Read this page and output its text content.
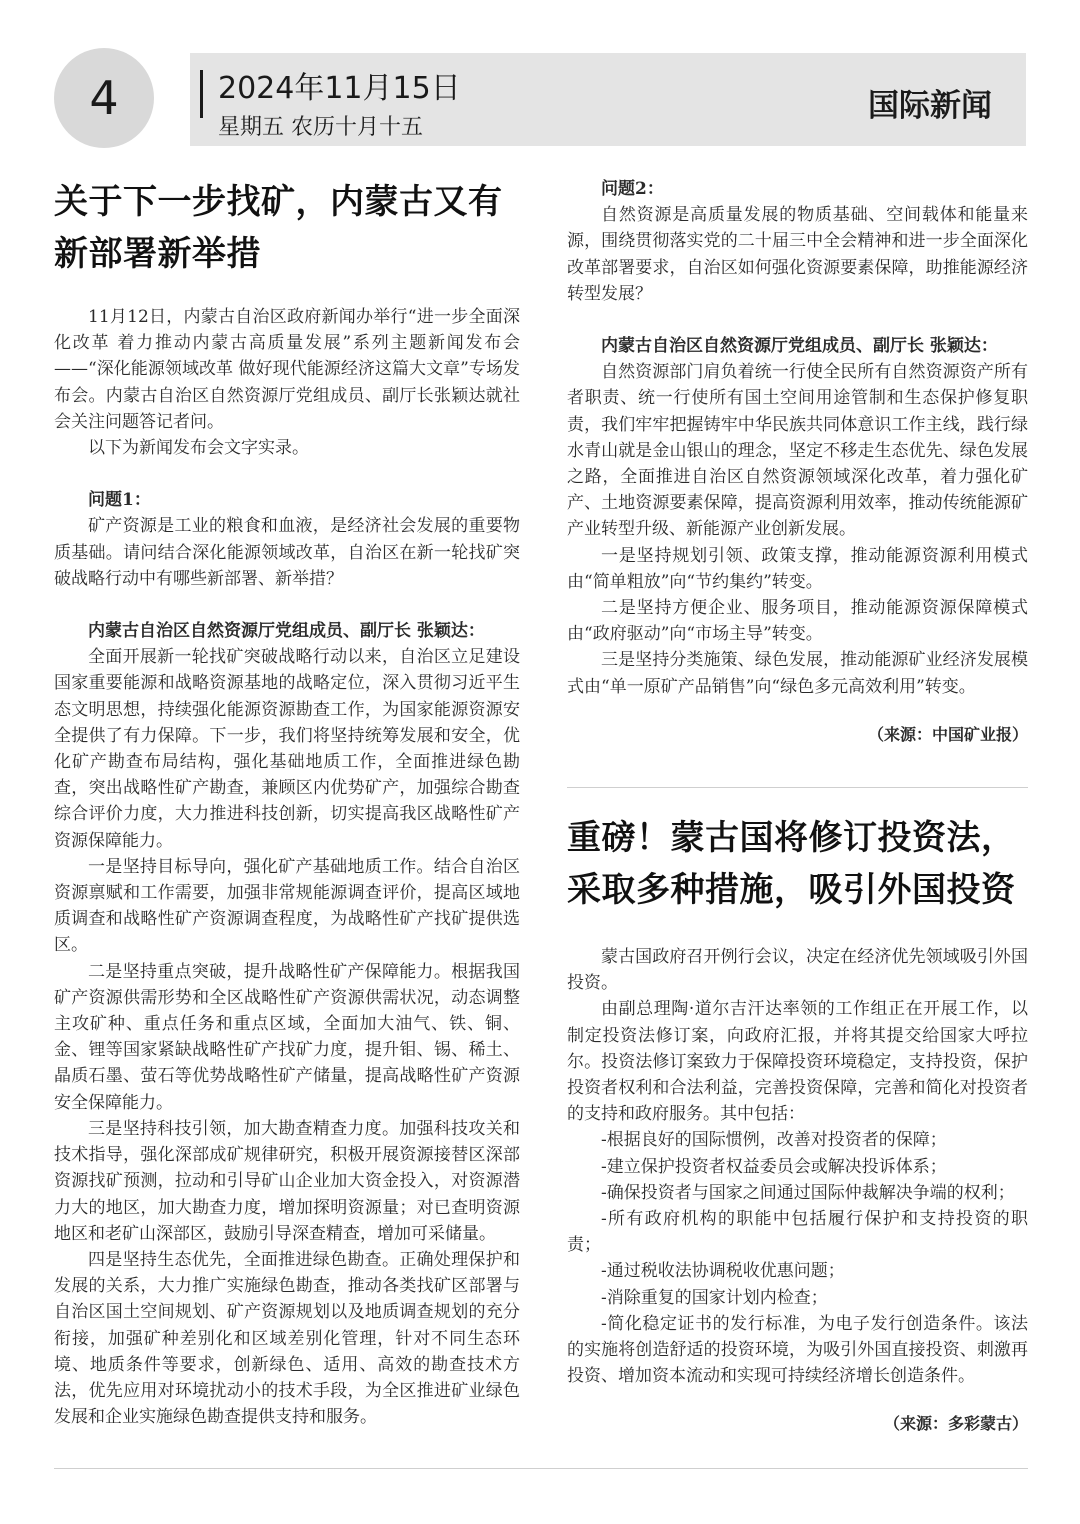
4	2024年11月15日
星期五 农历十月十五
国际新闻
关于下一步找矿，内蒙古又有新部署新举措

11月12日，内蒙古自治区政府新闻办举行“进一步全面深化改革 着力推动内蒙古高质量发展”系列主题新闻发布会——“深化能源领域改革 做好现代能源经济这篇大文章”专场发布会。内蒙古自治区自然资源厅党组成员、副厅长张颖达就社会关注问题答记者问。

以下为新闻发布会文字实录。

问题1：

矿产资源是工业的粮食和血液，是经济社会发展的重要物质基础。请问结合深化能源领域改革，自治区在新一轮找矿突破战略行动中有哪些新部署、新举措？

内蒙古自治区自然资源厅党组成员、副厅长 张颖达：

全面开展新一轮找矿突破战略行动以来，自治区立足建设国家重要能源和战略资源基地的战略定位，深入贯彻习近平生态文明思想，持续强化能源资源勘查工作，为国家能源资源安全提供了有力保障。下一步，我们将坚持统筹发展和安全，优化矿产勘查布局结构，强化基础地质工作，全面推进绿色勘查，突出战略性矿产勘查，兼顾区内优势矿产，加强综合勘查综合评价力度，大力推进科技创新，切实提高我区战略性矿产资源保障能力。

一是坚持目标导向，强化矿产基础地质工作。结合自治区资源禀赋和工作需要，加强非常规能源调查评价，提高区域地质调查和战略性矿产资源调查程度，为战略性矿产找矿提供选区。

二是坚持重点突破，提升战略性矿产保障能力。根据我国矿产资源供需形势和全区战略性矿产资源供需状况，动态调整主攻矿种、重点任务和重点区域，全面加大油气、铁、铜、金、锂等国家紧缺战略性矿产找矿力度，提升钼、锡、稀土、晶质石墨、萤石等优势战略性矿产储量，提高战略性矿产资源安全保障能力。

三是坚持科技引领，加大勘查精查力度。加强科技攻关和技术指导，强化深部成矿规律研究，积极开展资源接替区深部资源找矿预测，拉动和引导矿山企业加大资金投入，对资源潜力大的地区，加大勘查力度，增加探明资源量；对已查明资源地区和老矿山深部区，鼓励引导深查精查，增加可采储量。

四是坚持生态优先，全面推进绿色勘查。正确处理保护和发展的关系，大力推广实施绿色勘查，推动各类找矿区部署与自治区国土空间规划、矿产资源规划以及地质调查规划的充分衔接，加强矿种差别化和区域差别化管理，针对不同生态环境、地质条件等要求，创新绿色、适用、高效的勘查技术方法，优先应用对环境扰动小的技术手段，为全区推进矿业绿色发展和企业实施绿色勘查提供支持和服务。

问题2：

自然资源是高质量发展的物质基础、空间载体和能量来源，围绕贯彻落实党的二十届三中全会精神和进一步全面深化改革部署要求，自治区如何强化资源要素保障，助推能源经济转型发展？

内蒙古自治区自然资源厅党组成员、副厅长 张颖达：

自然资源部门肩负着统一行使全民所有自然资源资产所有者职责、统一行使所有国土空间用途管制和生态保护修复职责，我们牢牢把握铸牢中华民族共同体意识工作主线，践行绿水青山就是金山银山的理念，坚定不移走生态优先、绿色发展之路，全面推进自治区自然资源领域深化改革，着力强化矿产、土地资源要素保障，提高资源利用效率，推动传统能源矿产业转型升级、新能源产业创新发展。

一是坚持规划引领、政策支撑，推动能源资源利用模式由“简单粗放”向“节约集约”转变。

二是坚持方便企业、服务项目，推动能源资源保障模式由“政府驱动”向“市场主导”转变。

三是坚持分类施策、绿色发展，推动能源矿业经济发展模式由“单一原矿产品销售”向“绿色多元高效利用”转变。

（来源：中国矿业报）

重磅！蒙古国将修订投资法，采取多种措施，吸引外国投资

蒙古国政府召开例行会议，决定在经济优先领域吸引外国投资。

由副总理陶·道尔吉汗达率领的工作组正在开展工作，以制定投资法修订案，向政府汇报，并将其提交给国家大呼拉尔。投资法修订案致力于保障投资环境稳定，支持投资，保护投资者权利和合法利益，完善投资保障，完善和简化对投资者的支持和政府服务。其中包括：

-根据良好的国际惯例，改善对投资者的保障；

-建立保护投资者权益委员会或解决投诉体系；

-确保投资者与国家之间通过国际仲裁解决争端的权利；

-所有政府机构的职能中包括履行保护和支持投资的职责；

-通过税收法协调税收优惠问题；

-消除重复的国家计划内检查；

-简化稳定证书的发行标准，为电子发行创造条件。该法的实施将创造舒适的投资环境，为吸引外国直接投资、刺激再投资、增加资本流动和实现可持续经济增长创造条件。

（来源：多彩蒙古）
